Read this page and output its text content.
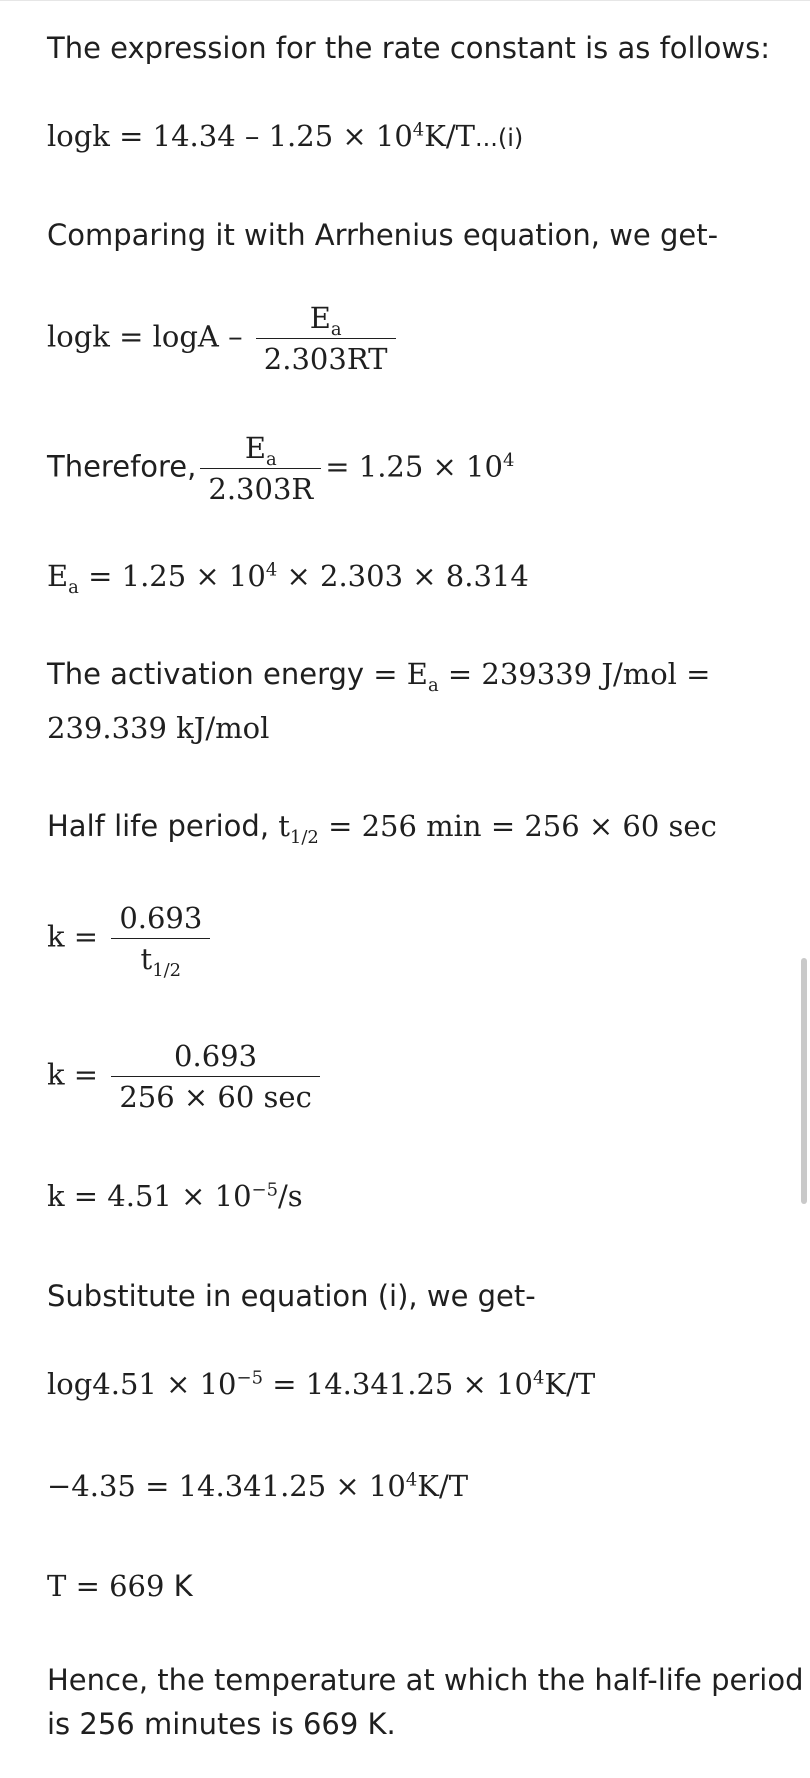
The expression for the rate constant is as follows:
$\log k = 14.34 - 1.25 \times 10^4K/T...(i)$
Comparing it with Arrhenius equation, we get-
$\log k = \log A - \frac{E_a}{2.303RT}$
Therefore, $\frac{E_a}{2.303R} = 1.25 \times 10^4$
$E_a = 1.25 \times 10^4 \times 2.303 \times 8.314$
The activation energy = $E_a = 239339$ J/mol =
239.339 kJ/mol
Half life period, $t_{1/2} = 256$ min = 256 × 60 sec
$k = \frac{0.693}{t_{1/2}}$
$k = \frac{0.693}{256 \times 60 \sec}$
$k = 4.51 \times 10^{-5}/s$
Substitute in equation (i), we get-
$\log 4.51 \times 10^{-5} = 14.341.25 \times 10^4K/T$
$-4.35 = 14.341.25 \times 10^4K/T$
T = 669 K
Hence, the temperature at which the half-life period
is 256 minutes is 669 K.
